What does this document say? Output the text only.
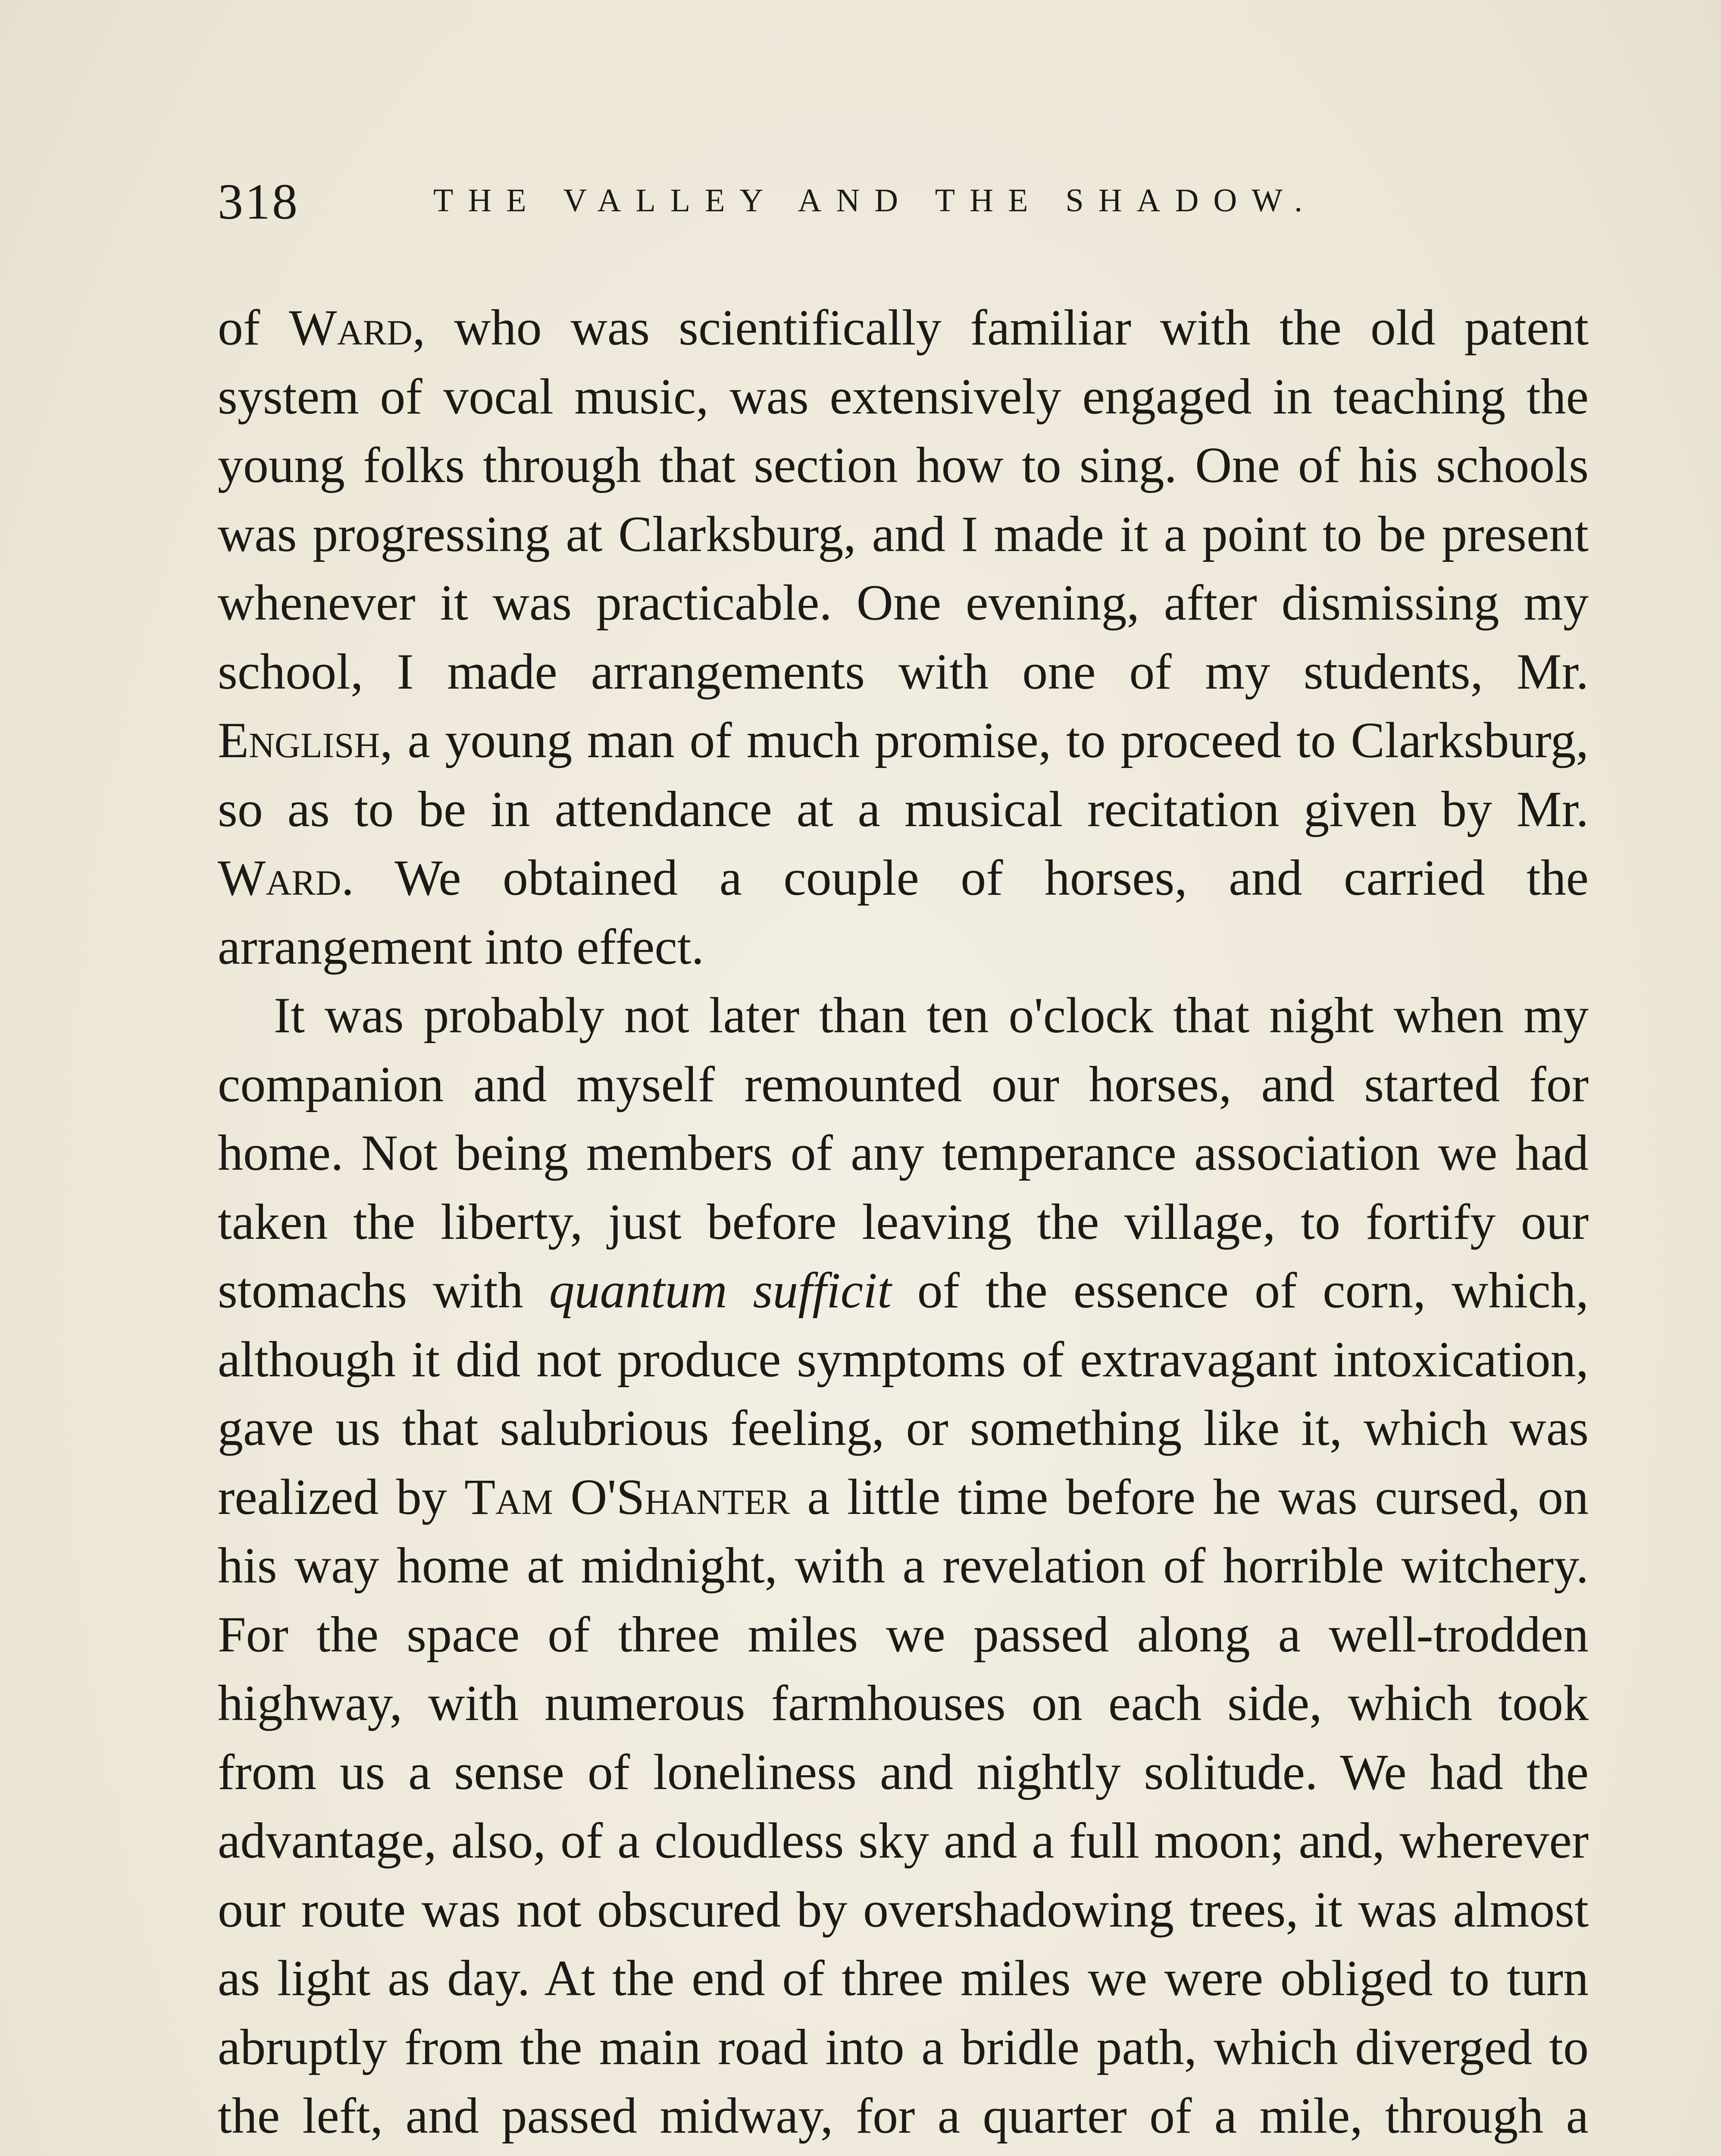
318	THE VALLEY AND THE SHADOW.

of Ward, who was scientifically familiar with the old patent system of vocal music, was extensively engaged in teaching the young folks through that section how to sing. One of his schools was progressing at Clarksburg, and I made it a point to be present whenever it was practicable. One evening, after dismissing my school, I made arrangements with one of my students, Mr. English, a young man of much promise, to proceed to Clarksburg, so as to be in attendance at a musical recitation given by Mr. Ward. We obtained a couple of horses, and carried the arrangement into effect.

It was probably not later than ten o'clock that night when my companion and myself remounted our horses, and started for home. Not being members of any temperance association we had taken the liberty, just before leaving the village, to fortify our stomachs with quantum sufficit of the essence of corn, which, although it did not produce symptoms of extravagant intoxication, gave us that salubrious feeling, or something like it, which was realized by Tam O'Shanter a little time before he was cursed, on his way home at midnight, with a revelation of horrible witchery. For the space of three miles we passed along a well-trodden highway, with numerous farmhouses on each side, which took from us a sense of loneliness and nightly solitude. We had the advantage, also, of a cloudless sky and a full moon; and, wherever our route was not obscured by overshadowing trees, it was almost as light as day. At the end of three miles we were obliged to turn abruptly from the main road into a bridle path, which diverged to the left, and passed midway, for a quarter of a mile, through a
